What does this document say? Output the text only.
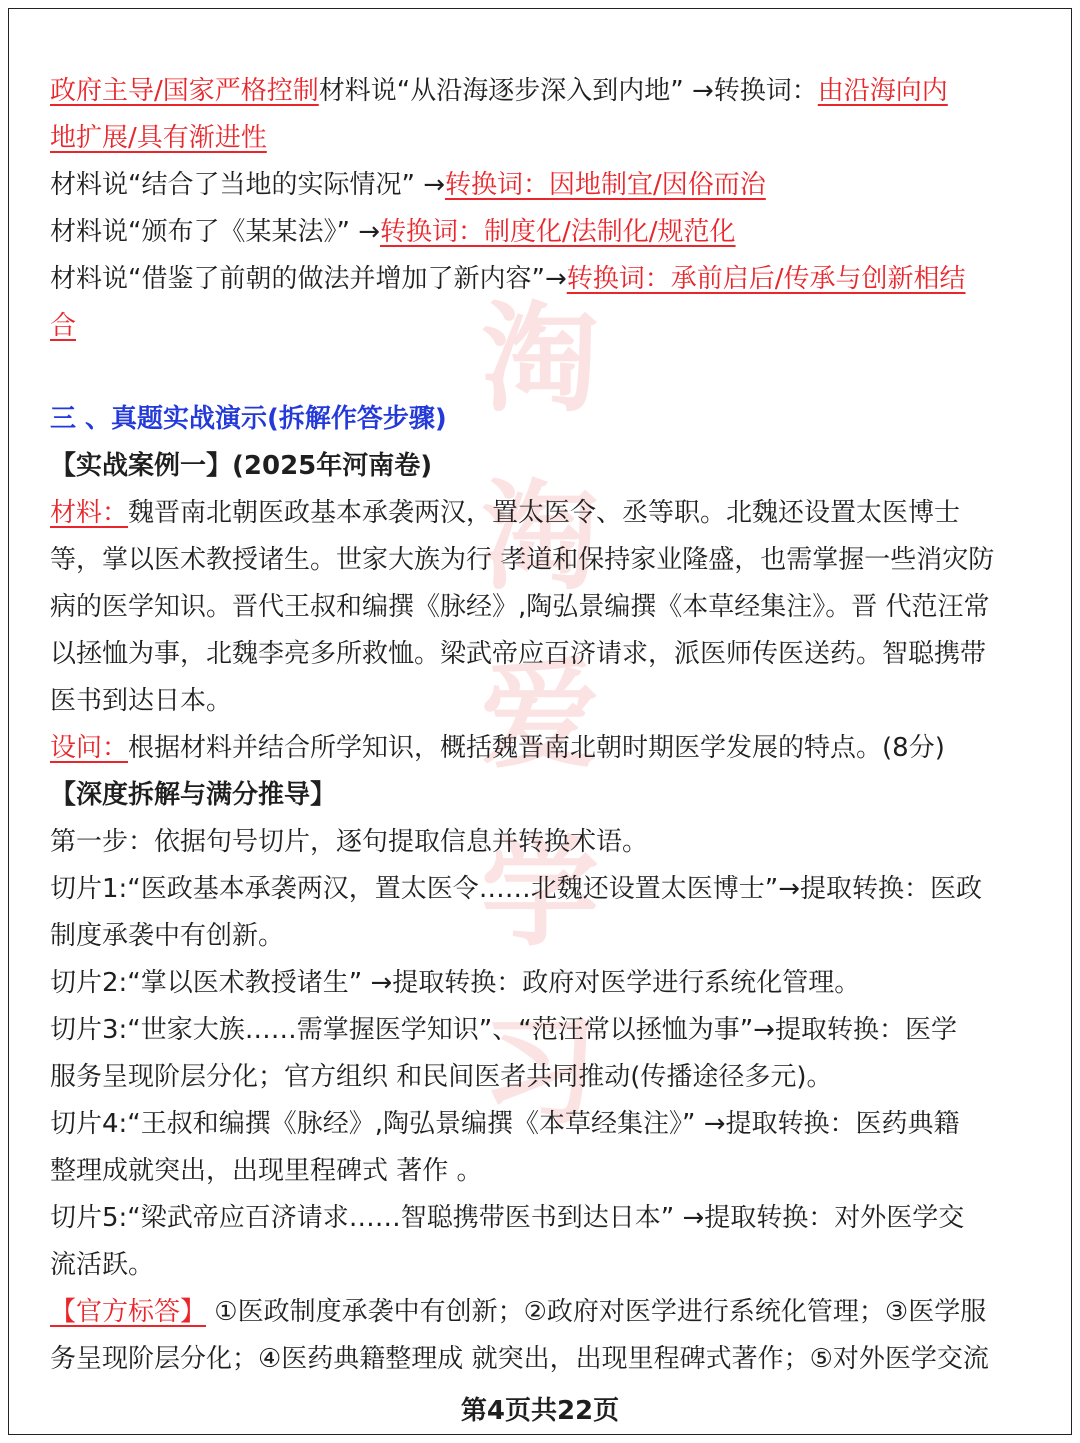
淘
淘
爱
学
习
政府主导/国家严格控制材料说“从沿海逐步深入到内地” →转换词：由沿海向内
地扩展/具有渐进性
材料说“结合了当地的实际情况” →转换词：因地制宜/因俗而治
材料说“颁布了《某某法》” →转换词：制度化/法制化/规范化
材料说“借鉴了前朝的做法并增加了新内容”→转换词：承前启后/传承与创新相结
合
三 、真题实战演示(拆解作答步骤)
【实战案例一】(2025年河南卷)
材料：魏晋南北朝医政基本承袭两汉，置太医令、丞等职。北魏还设置太医博士
等，掌以医术教授诸生。世家大族为行 孝道和保持家业隆盛，也需掌握一些消灾防
病的医学知识。晋代王叔和编撰《脉经》,陶弘景编撰《本草经集注》。晋 代范汪常
以拯恤为事，北魏李亮多所救恤。梁武帝应百济请求，派医师传医送药。智聪携带
医书到达日本。
设问：根据材料并结合所学知识，概括魏晋南北朝时期医学发展的特点。(8分)
【深度拆解与满分推导】
第一步：依据句号切片，逐句提取信息并转换术语。
切片1:“医政基本承袭两汉，置太医令……北魏还设置太医博士”→提取转换：医政
制度承袭中有创新。
切片2:“掌以医术教授诸生” →提取转换：政府对医学进行系统化管理。
切片3:“世家大族……需掌握医学知识”、“范汪常以拯恤为事”→提取转换：医学
服务呈现阶层分化；官方组织 和民间医者共同推动(传播途径多元)。
切片4:“王叔和编撰《脉经》,陶弘景编撰《本草经集注》” →提取转换：医药典籍
整理成就突出，出现里程碑式 著作 。
切片5:“梁武帝应百济请求……智聪携带医书到达日本” →提取转换：对外医学交
流活跃。
【官方标答】 ①医政制度承袭中有创新；②政府对医学进行系统化管理；③医学服
务呈现阶层分化；④医药典籍整理成 就突出，出现里程碑式著作；⑤对外医学交流
第4页共22页
